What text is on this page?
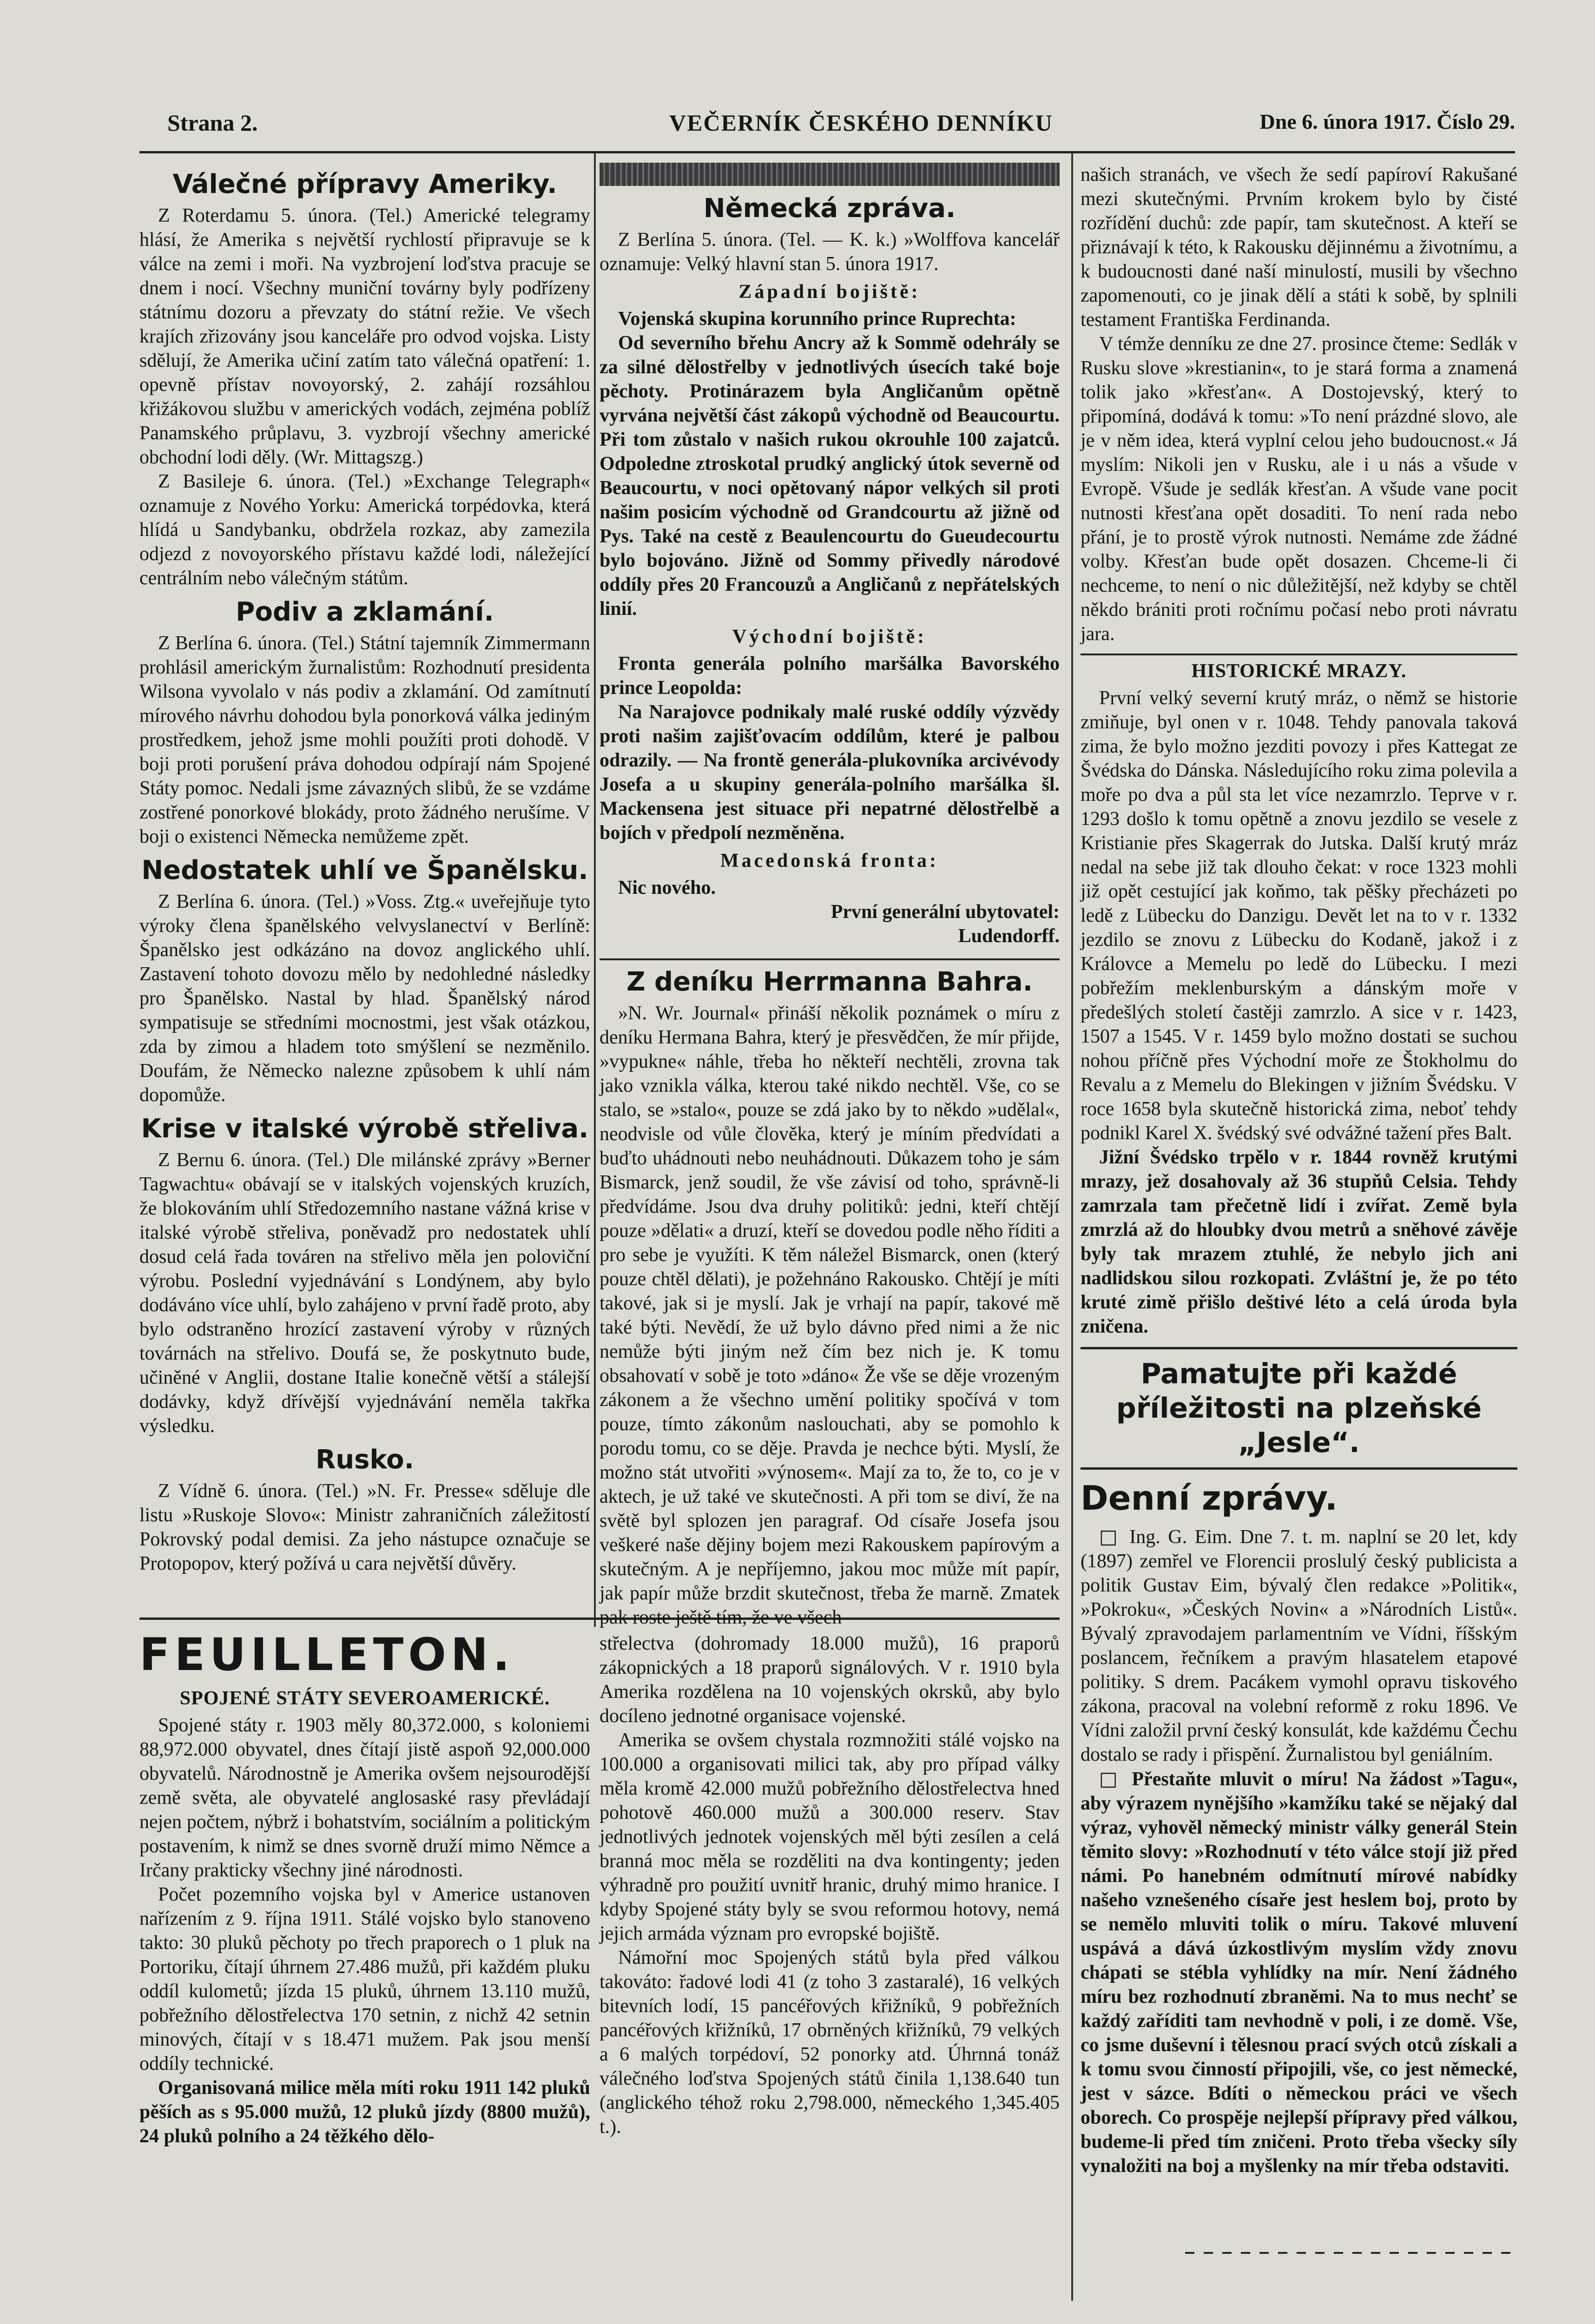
Strana 2.	VEČERNÍK ČESKÉHO DENNÍKU	Dne 6. února 1917. Číslo 29.
Válečné přípravy Ameriky.

Z Roterdamu 5. února. (Tel.) Americké telegramy hlásí, že Amerika s největší rychlostí připravuje se k válce na zemi i moři. Na vyzbrojení loďstva pracuje se dnem i nocí. Všechny muniční továrny byly podřízeny státnímu dozoru a převzaty do státní režie. Ve všech krajích zřizovány jsou kanceláře pro odvod vojska. Listy sdělují, že Amerika učiní zatím tato válečná opatření: 1. opevně přístav novoyorský, 2. zahájí rozsáhlou křižákovou službu v amerických vodách, zejména poblíž Panamského průplavu, 3. vyzbrojí všechny americké obchodní lodi děly. (Wr. Mittagszg.)

Z Basileje 6. února. (Tel.) »Exchange Telegraph« oznamuje z Nového Yorku: Americká torpédovka, která hlídá u Sandybanku, obdržela rozkaz, aby zamezila odjezd z novoyorského přístavu každé lodi, náležející centrálním nebo válečným státům.

Podiv a zklamání.

Z Berlína 6. února. (Tel.) Státní tajemník Zimmermann prohlásil americkým žurnalistům: Rozhodnutí presidenta Wilsona vyvolalo v nás podiv a zklamání. Od zamítnutí mírového návrhu dohodou byla ponorková válka jediným prostředkem, jehož jsme mohli použíti proti dohodě. V boji proti porušení práva dohodou odpírají nám Spojené Státy pomoc. Nedali jsme závazných slibů, že se vzdáme zostřené ponorkové blokády, proto žádného nerušíme. V boji o existenci Německa nemůžeme zpět.

Nedostatek uhlí ve Španělsku.

Z Berlína 6. února. (Tel.) »Voss. Ztg.« uveřejňuje tyto výroky člena španělského velvyslanectví v Berlíně: Španělsko jest odkázáno na dovoz anglického uhlí. Zastavení tohoto dovozu mělo by nedohledné následky pro Španělsko. Nastal by hlad. Španělský národ sympatisuje se středními mocnostmi, jest však otázkou, zda by zimou a hladem toto smýšlení se nezměnilo. Doufám, že Německo nalezne způsobem k uhlí nám dopomůže.

Krise v italské výrobě střeliva.

Z Bernu 6. února. (Tel.) Dle milánské zprávy »Berner Tagwachtu« obávají se v italských vojenských kruzích, že blokováním uhlí Středozemního nastane vážná krise v italské výrobě střeliva, poněvadž pro nedostatek uhlí dosud celá řada továren na střelivo měla jen poloviční výrobu. Poslední vyjednávání s Londýnem, aby bylo dodáváno více uhlí, bylo zahájeno v první řadě proto, aby bylo odstraněno hrozící zastavení výroby v různých továrnách na střelivo. Doufá se, že poskytnuto bude, učiněné v Anglii, dostane Italie konečně větší a stálejší dodávky, když dřívější vyjednávání neměla takřka výsledku.

Rusko.

Z Vídně 6. února. (Tel.) »N. Fr. Presse« sděluje dle listu »Ruskoje Slovo«: Ministr zahraničních záležitostí Pokrovský podal demisi. Za jeho nástupce označuje se Protopopov, který požívá u cara největší důvěry.

Německá zpráva.

Z Berlína 5. února. (Tel. — K. k.) »Wolffova kancelář oznamuje: Velký hlavní stan 5. února 1917.

Západní bojiště:

Vojenská skupina korunního prince Ruprechta:

Od severního břehu Ancry až k Sommě odehrály se za silné dělostřelby v jednotlivých úsecích také boje pěchoty. Protinárazem byla Angličanům opětně vyrvána největší část zákopů východně od Beaucourtu. Při tom zůstalo v našich rukou okrouhle 100 zajatců. Odpoledne ztroskotal prudký anglický útok severně od Beaucourtu, v noci opětovaný nápor velkých sil proti našim posicím východně od Grandcourtu až jižně od Pys. Také na cestě z Beaulencourtu do Gueudecourtu bylo bojováno. Jižně od Sommy přivedly národové oddíly přes 20 Francouzů a Angličanů z nepřátelských linií.

Východní bojiště:

Fronta generála polního maršálka Bavorského prince Leopolda:

Na Narajovce podnikaly malé ruské oddíly výzvědy proti našim zajišťovacím oddílům, které je palbou odrazily. — Na frontě generála-plukovníka arcivévody Josefa a u skupiny generála-polního maršálka šl. Mackensena jest situace při nepatrné dělostřelbě a bojích v předpolí nezměněna.

Macedonská fronta:

Nic nového.

První generální ubytovatel:

Ludendorff.

Z deníku Herrmanna Bahra.

»N. Wr. Journal« přináší několik poznámek o míru z deníku Hermana Bahra, který je přesvědčen, že mír přijde, »vypukne« náhle, třeba ho někteří nechtěli, zrovna tak jako vznikla válka, kterou také nikdo nechtěl. Vše, co se stalo, se »stalo«, pouze se zdá jako by to někdo »udělal«, neodvisle od vůle člověka, který je míním předvídati a buďto uhádnouti nebo neuhádnouti. Důkazem toho je sám Bismarck, jenž soudil, že vše závisí od toho, správně-li předvídáme. Jsou dva druhy politiků: jedni, kteří chtějí pouze »dělati« a druzí, kteří se dovedou podle něho říditi a pro sebe je využíti. K těm náležel Bismarck, onen (který pouze chtěl dělati), je požehnáno Rakousko. Chtějí je míti takové, jak si je myslí. Jak je vrhají na papír, takové mě také býti. Nevědí, že už bylo dávno před nimi a že nic nemůže býti jiným než čím bez nich je. K tomu obsahovatí v sobě je toto »dáno« Že vše se děje vrozeným zákonem a že všechno umění politiky spočívá v tom pouze, tímto zákonům naslouchati, aby se pomohlo k porodu tomu, co se děje. Pravda je nechce býti. Myslí, že možno stát utvořiti »výnosem«. Mají za to, že to, co je v aktech, je už také ve skutečnosti. A při tom se diví, že na světě byl splozen jen paragraf. Od císaře Josefa jsou veškeré naše dějiny bojem mezi Rakouskem papírovým a skutečným. A je nepříjemno, jakou moc může mít papír, jak papír může brzdit skutečnost, třeba že marně. Zmatek pak roste ještě tím, že ve všech

střelectva (dohromady 18.000 mužů), 16 praporů zákopnických a 18 praporů signálových. V r. 1910 byla Amerika rozdělena na 10 vojenských okrsků, aby bylo docíleno jednotné organisace vojenské.

Amerika se ovšem chystala rozmnožiti stálé vojsko na 100.000 a organisovati milici tak, aby pro případ války měla kromě 42.000 mužů pobřežního dělostřelectva hned pohotově 460.000 mužů a 300.000 reserv. Stav jednotlivých jednotek vojenských měl býti zesílen a celá branná moc měla se rozděliti na dva kontingenty; jeden výhradně pro použití uvnitř hranic, druhý mimo hranice. I kdyby Spojené státy byly se svou reformou hotovy, nemá jejich armáda význam pro evropské bojiště.

Námořní moc Spojených států byla před válkou takováto: řadové lodi 41 (z toho 3 zastaralé), 16 velkých bitevních lodí, 15 pancéřových křižníků, 9 pobřežních pancéřových křižníků, 17 obrněných křižníků, 79 velkých a 6 malých torpédoví, 52 ponorky atd. Úhrnná tonáž válečného loďstva Spojených států činila 1,138.640 tun (anglického téhož roku 2,798.000, německého 1,345.405 t.).

FEUILLETON.
SPOJENÉ STÁTY SEVEROAMERICKÉ.

Spojené státy r. 1903 měly 80,372.000, s koloniemi 88,972.000 obyvatel, dnes čítají jistě aspoň 92,000.000 obyvatelů. Národnostně je Amerika ovšem nejsourodější země světa, ale obyvatelé anglosaské rasy převládají nejen počtem, nýbrž i bohatstvím, sociálním a politickým postavením, k nimž se dnes svorně druží mimo Němce a Irčany prakticky všechny jiné národnosti.

Počet pozemního vojska byl v Americe ustanoven nařízením z 9. října 1911. Stálé vojsko bylo stanoveno takto: 30 pluků pěchoty po třech praporech o 1 pluk na Portoriku, čítají úhrnem 27.486 mužů, při každém pluku oddíl kulometů; jízda 15 pluků, úhrnem 13.110 mužů, pobřežního dělostřelectva 170 setnin, z nichž 42 setnin minových, čítají v s 18.471 mužem. Pak jsou menší oddíly technické.

Organisovaná milice měla míti roku 1911 142 pluků pěších as s 95.000 mužů, 12 pluků jízdy (8800 mužů), 24 pluků polního a 24 těžkého dělo-

našich stranách, ve všech že sedí papíroví Rakušané mezi skutečnými. Prvním krokem bylo by čisté rozřídění duchů: zde papír, tam skutečnost. A kteří se přiznávají k této, k Rakousku dějinnému a životnímu, a k budoucnosti dané naší minulostí, musili by všechno zapomenouti, co je jinak dělí a státi k sobě, by splnili testament Františka Ferdinanda.

V témže denníku ze dne 27. prosince čteme: Sedlák v Rusku slove »krestianin«, to je stará forma a znamená tolik jako »křesťan«. A Dostojevský, který to připomíná, dodává k tomu: »To není prázdné slovo, ale je v něm idea, která vyplní celou jeho budoucnost.« Já myslím: Nikoli jen v Rusku, ale i u nás a všude v Evropě. Všude je sedlák křesťan. A všude vane pocit nutnosti křesťana opět dosaditi. To není rada nebo přání, je to prostě výrok nutnosti. Nemáme zde žádné volby. Křesťan bude opět dosazen. Chceme-li či nechceme, to není o nic důležitější, než kdyby se chtěl někdo brániti proti ročnímu počasí nebo proti návratu jara.

HISTORICKÉ MRAZY.

První velký severní krutý mráz, o němž se historie zmiňuje, byl onen v r. 1048. Tehdy panovala taková zima, že bylo možno jezditi povozy i přes Kattegat ze Švédska do Dánska. Následujícího roku zima polevila a moře po dva a půl sta let více nezamrzlo. Teprve v r. 1293 došlo k tomu opětně a znovu jezdilo se vesele z Kristianie přes Skagerrak do Jutska. Další krutý mráz nedal na sebe již tak dlouho čekat: v roce 1323 mohli již opět cestující jak koňmo, tak pěšky přecházeti po ledě z Lübecku do Danzigu. Devět let na to v r. 1332 jezdilo se znovu z Lübecku do Kodaně, jakož i z Královce a Memelu po ledě do Lübecku. I mezi pobřežím meklenburským a dánským moře v předešlých století častěji zamrzlo. A sice v r. 1423, 1507 a 1545. V r. 1459 bylo možno dostati se suchou nohou příčně přes Východní moře ze Štokholmu do Revalu a z Memelu do Blekingen v jižním Švédsku. V roce 1658 byla skutečně historická zima, neboť tehdy podnikl Karel X. švédský své odvážné tažení přes Balt.

Jižní Švédsko trpělo v r. 1844 rovněž krutými mrazy, jež dosahovaly až 36 stupňů Celsia. Tehdy zamrzala tam přečetně lidí i zvířat. Země byla zmrzlá až do hloubky dvou metrů a sněhové závěje byly tak mrazem ztuhlé, že nebylo jich ani nadlidskou silou rozkopati. Zvláštní je, že po této kruté zimě přišlo deštivé léto a celá úroda byla zničena.

Pamatujte při každé příležitosti na plzeňské „Jesle“.
Denní zprávy.

□ Ing. G. Eim. Dne 7. t. m. naplní se 20 let, kdy (1897) zemřel ve Florencii proslulý český publicista a politik Gustav Eim, bývalý člen redakce »Politik«, »Pokroku«, »Českých Novin« a »Národních Listů«. Bývalý zpravodajem parlamentním ve Vídni, říšským poslancem, řečníkem a pravým hlasatelem etapové politiky. S drem. Pacákem vymohl opravu tiskového zákona, pracoval na volební reformě z roku 1896. Ve Vídni založil první český konsulát, kde každému Čechu dostalo se rady i přispění. Žurnalistou byl geniálním.

□ Přestaňte mluvit o míru! Na žádost »Tagu«, aby výrazem nynějšího »kamžíku také se nějaký dal výraz, vyhověl německý ministr války generál Stein těmito slovy: »Rozhodnutí v této válce stojí již před námi. Po hanebném odmítnutí mírové nabídky našeho vznešeného císaře jest heslem boj, proto by se nemělo mluviti tolik o míru. Takové mluvení uspává a dává úzkostlivým myslím vždy znovu chápati se stébla vyhlídky na mír. Není žádného míru bez rozhodnutí zbraněmi. Na to mus nechť se každý zaříditi tam nevhodně v poli, i ze domě. Vše, co jsme duševní i tělesnou prací svých otců získali a k tomu svou činností připojili, vše, co jest německé, jest v sázce. Bdíti o německou práci ve všech oborech. Co prospěje nejlepší přípravy před válkou, budeme-li před tím zničeni. Proto třeba všecky síly vynaložiti na boj a myšlenky na mír třeba odstaviti.
